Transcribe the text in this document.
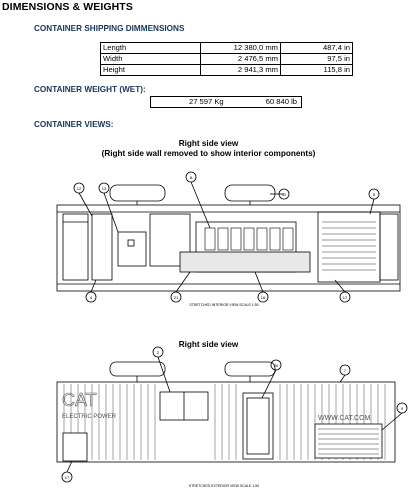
DIMENSIONS & WEIGHTS
CONTAINER SHIPPING DIMMENSIONS
Length	12 380,0 mm	487,4 in
Width	2 476,5 mm	97,5 in
Height	2 941,3 mm	115,8 in
CONTAINER WEIGHT (WET):
27 597 Kg	60 840 lb
CONTAINER VIEWS:
Right side view
(Right side wall removed to show interior components)
Right side view
12	13
8
11	5
4	21	16	17
STRETCHED INTERIOR VIEW SCALE 1:50
2
20
7
9
17
CAT
ELECTRIC POWER	WWW.CAT.COM
STRETCHED EXTERIOR VIEW SCALE 1:50
